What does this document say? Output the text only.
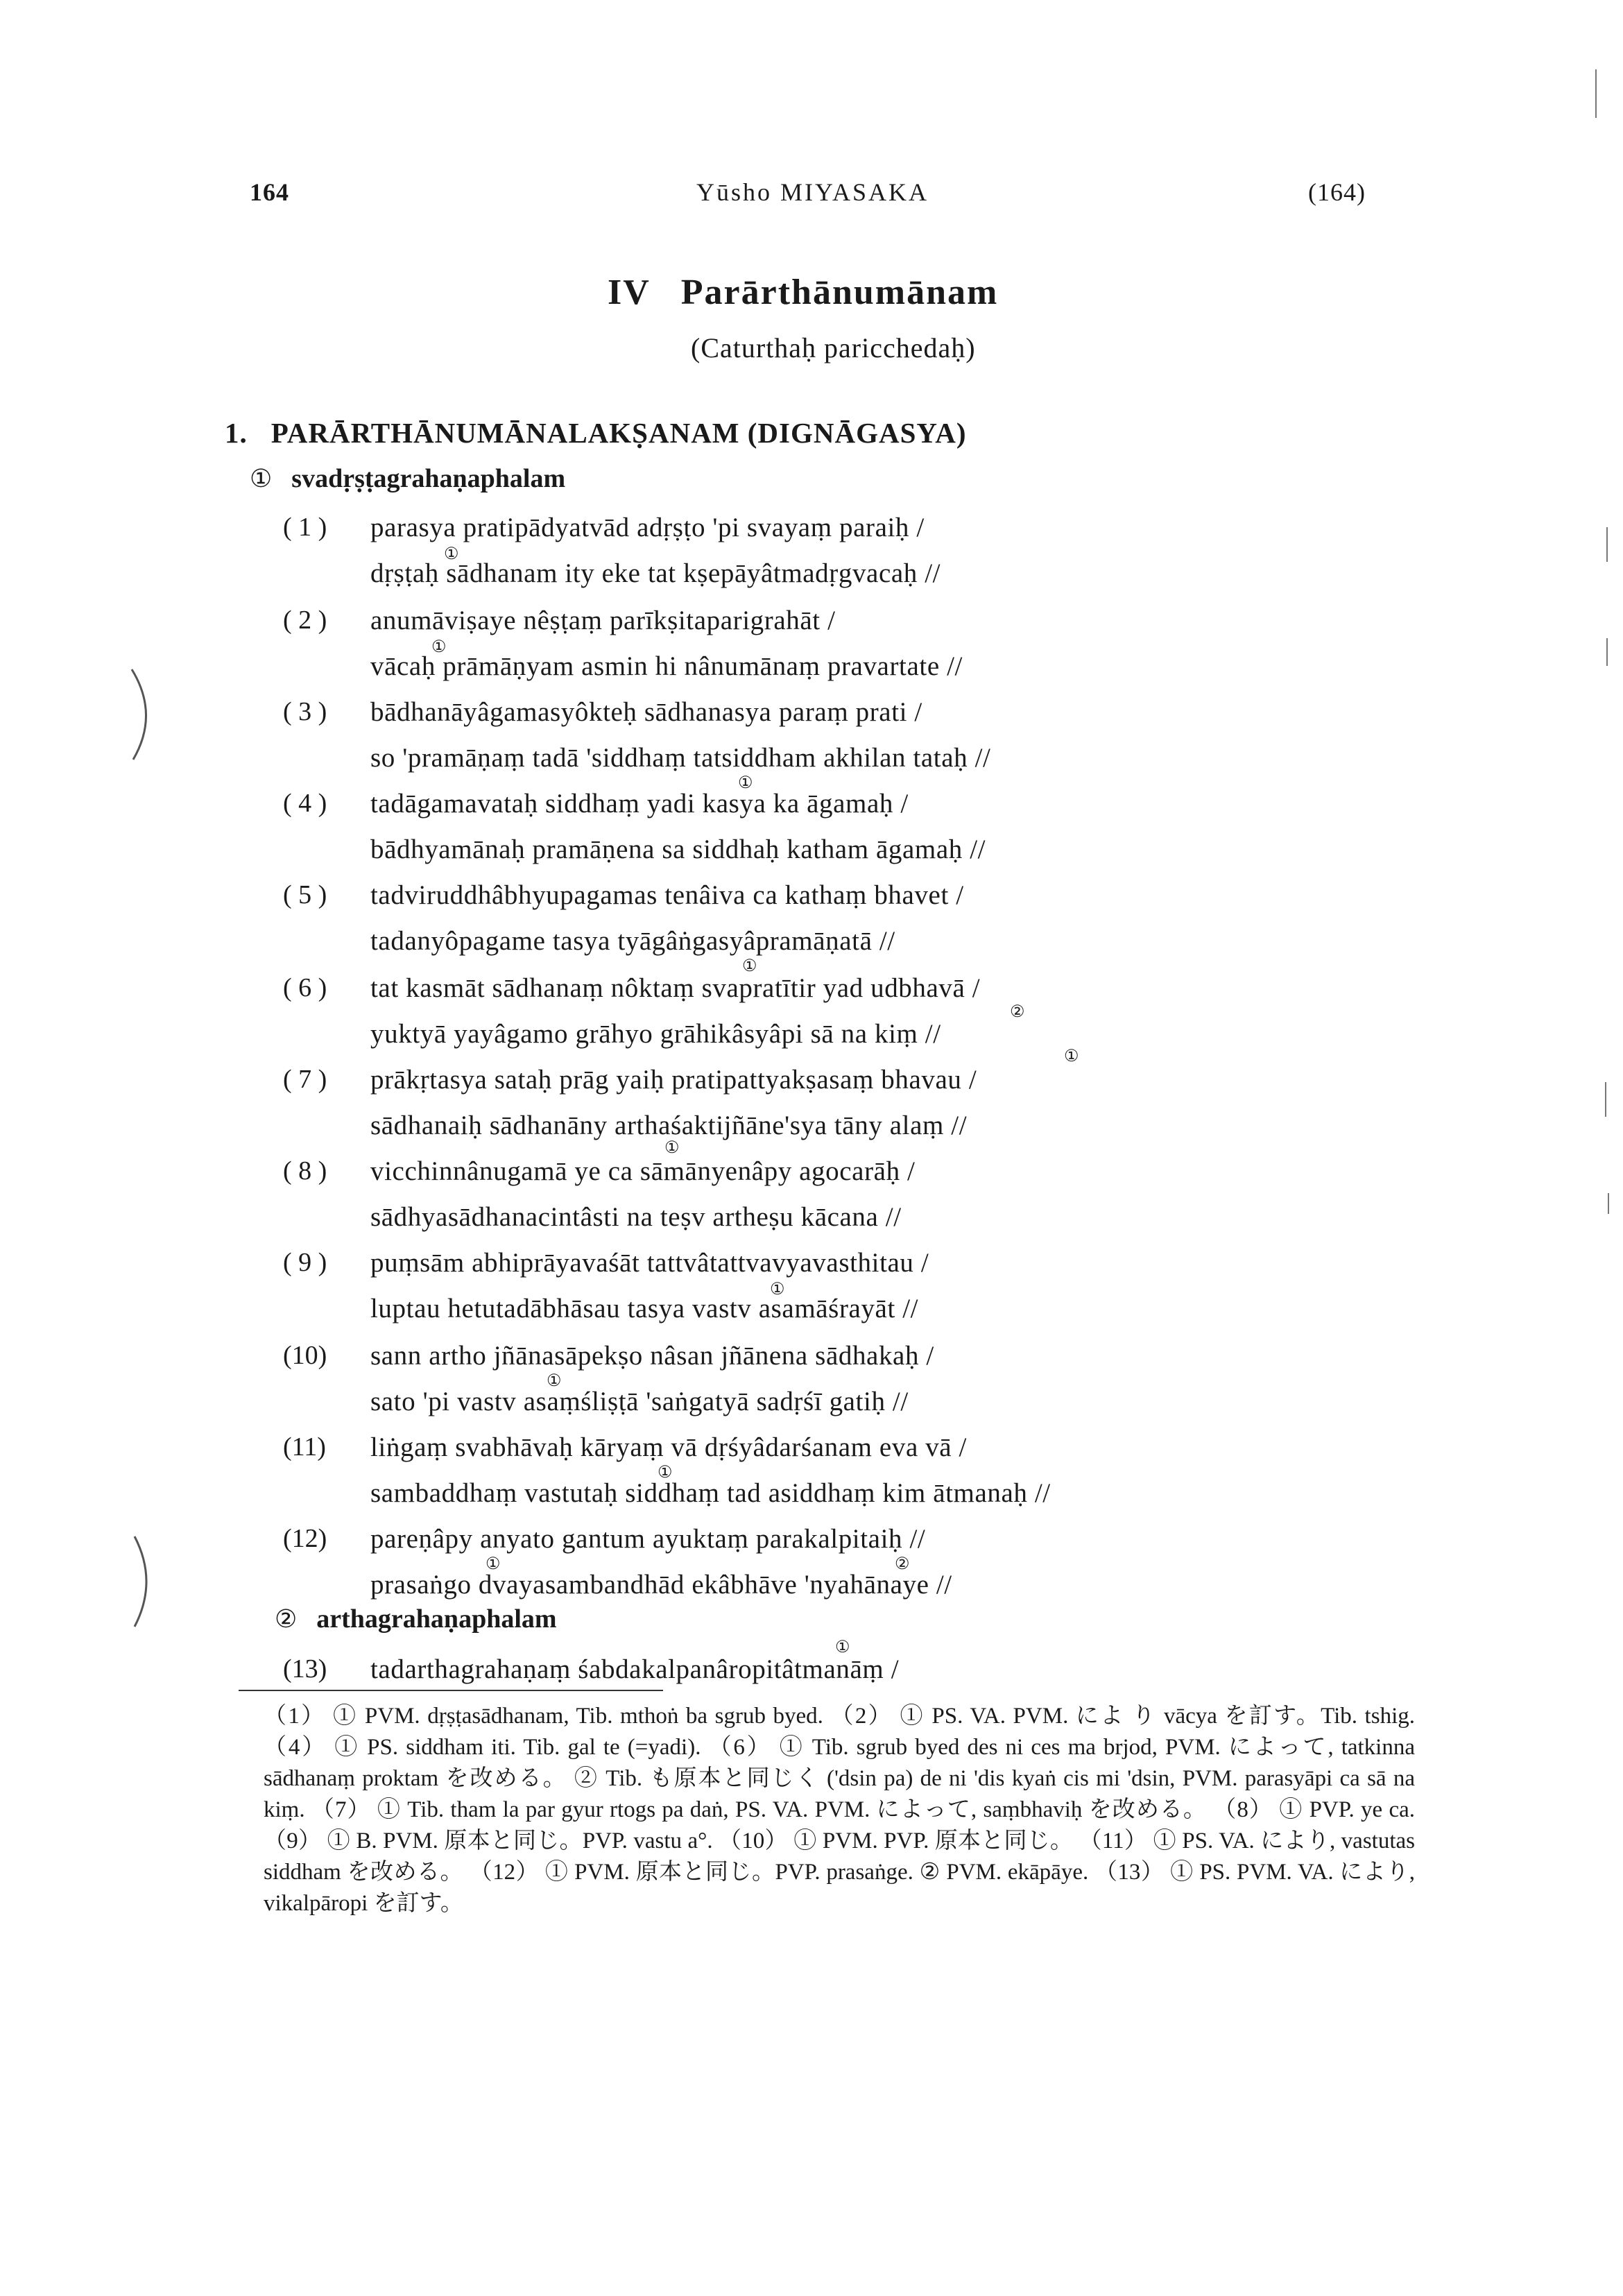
164	Yūsho MIYASAKA	(164)
IV Parārthānumānam
(Caturthaḥ paricchedaḥ)
1. PARĀRTHĀNUMĀNALAKṢANAM (DIGNĀGASYA)
① svadṛṣṭagrahaṇaphalam
② arthagrahaṇaphalam
( 1 ) parasya pratipādyatvād adṛṣṭo 'pi svayaṃ paraiḥ /
dṛṣṭaḥ sādhanam ity eke tat kṣepāyâtmadṛgvacaḥ //
( 2 ) anumāviṣaye nêṣṭaṃ parīkṣitaparigrahāt /
vācaḥ prāmāṇyam asmin hi nânumānaṃ pravartate //
( 3 ) bādhanāyâgamasyôkteḥ sādhanasya paraṃ prati /
so 'pramāṇaṃ tadā 'siddhaṃ tatsiddham akhilan tataḥ //
( 4 ) tadāgamavataḥ siddhaṃ yadi kasya ka āgamaḥ /
bādhyamānaḥ pramāṇena sa siddhaḥ katham āgamaḥ //
( 5 ) tadviruddhâbhyupagamas tenâiva ca kathaṃ bhavet /
tadanyôpagame tasya tyāgâṅgasyâpramāṇatā //
( 6 ) tat kasmāt sādhanaṃ nôktaṃ svapratītir yad udbhavā /
yuktyā yayâgamo grāhyo grāhikâsyâpi sā na kiṃ //
( 7 ) prākṛtasya sataḥ prāg yaiḥ pratipattyakṣasaṃ bhavau /
sādhanaiḥ sādhanāny arthaśaktijñāne'sya tāny alaṃ //
( 8 ) vicchinnânugamā ye ca sāmānyenâpy agocarāḥ /
sādhyasādhanacintâsti na teṣv artheṣu kācana //
( 9 ) puṃsām abhiprāyavaśāt tattvâtattvavyavasthitau /
luptau hetutadābhāsau tasya vastv asamāśrayāt //
(10) sann artho jñānasāpekṣo nâsan jñānena sādhakaḥ /
sato 'pi vastv asaṃśliṣṭā 'saṅgatyā sadṛśī gatiḥ //
(11) liṅgaṃ svabhāvaḥ kāryaṃ vā dṛśyâdarśanam eva vā /
sambaddhaṃ vastutaḥ siddhaṃ tad asiddhaṃ kim ātmanaḥ //
(12) pareṇâpy anyato gantum ayuktaṃ parakalpitaiḥ //
prasaṅgo dvayasambandhād ekâbhāve 'nyahānaye //
(13) tadarthagrahaṇaṃ śabdakalpanâropitâtmanāṃ /
①
①
①
①
②
①
①
①
①
①
①	②
①

（1） ① PVM. dṛṣṭasādhanam, Tib. mthoṅ ba sgrub byed. （2） ① PS. VA. PVM. によ り vācya を訂す。Tib. tshig. （4） ① PS. siddham iti. Tib. gal te (=yadi). （6） ① Tib. sgrub byed des ni ces ma brjod, PVM. によって, tatkinna sādhanaṃ proktam を改める。 ② Tib. も原本と同じく ('dsin pa) de ni 'dis kyaṅ cis mi 'dsin, PVM. parasyāpi ca sā na kiṃ. （7） ① Tib. tham la par gyur rtogs pa daṅ, PS. VA. PVM. によって, saṃbhaviḥ を改める。 （8） ① PVP. ye ca. （9） ① B. PVM. 原本と同じ。PVP. vastu a°. （10） ① PVM. PVP. 原本と同じ。 （11） ① PS. VA. により, vastutas siddham を改める。 （12） ① PVM. 原本と同じ。PVP. prasaṅge. ② PVM. ekāpāye. （13） ① PS. PVM. VA. により, vikalpāropi を訂す。
